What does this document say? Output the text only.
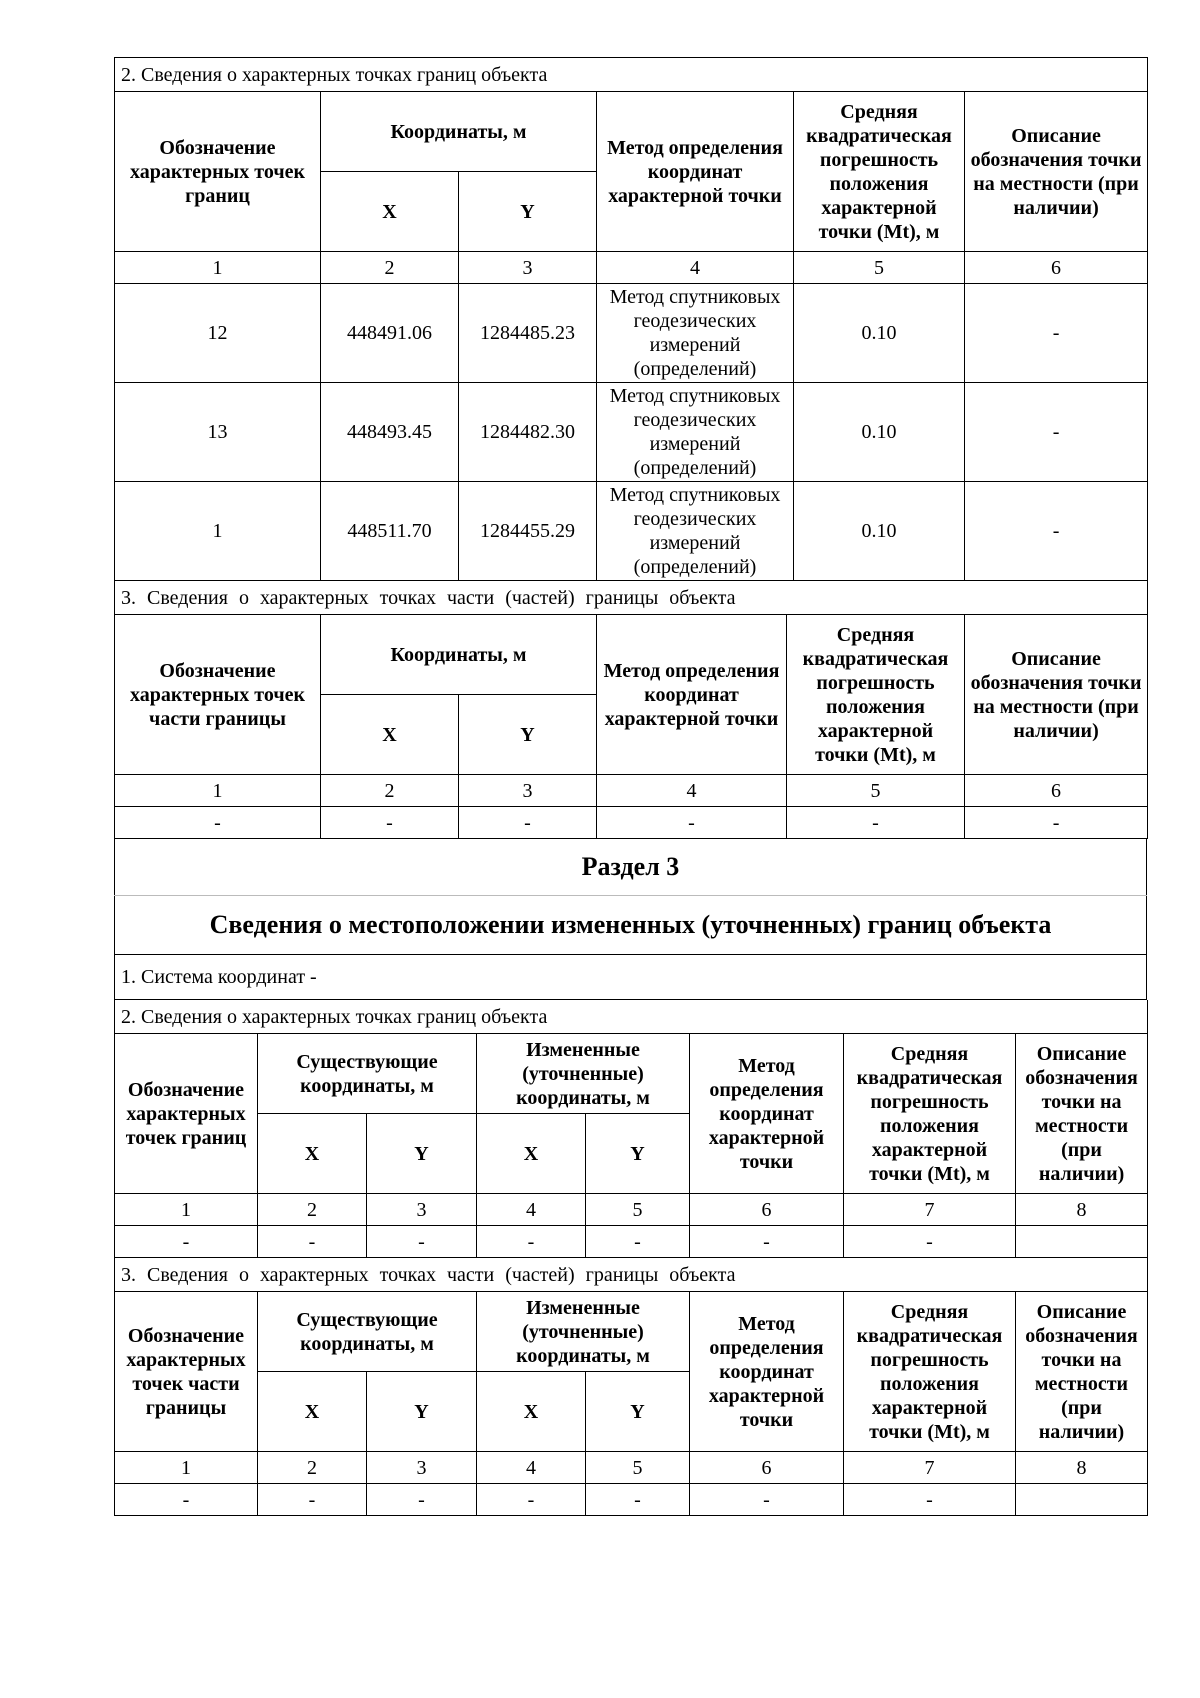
2. Сведения о характерных точках границ объекта					
Обозначение характерных точек границ	Координаты, м		Метод определения координат характерной точки	Средняя квадратическая погрешность положения характерной точки (Mt), м	Описание обозначения точки на местности (при наличии)
	X	Y			
1	2	3	4	5	6
12	448491.06	1284485.23	Метод спутниковых геодезических измерений (определений)	0.10	-
13	448493.45	1284482.30	Метод спутниковых геодезических измерений (определений)	0.10	-
1	448511.70	1284455.29	Метод спутниковых геодезических измерений (определений)	0.10	-
3. Сведения о характерных точках части (частей) границы объекта					
Обозначение характерных точек части границы	Координаты, м		Метод определения координат характерной точки	Средняя квадратическая погрешность положения характерной точки (Mt), м	Описание обозначения точки на местности (при наличии)
	X	Y			
1	2	3	4	5	6
-	-	-	-	-	-
Раздел 3
Сведения о местоположении измененных (уточненных) границ объекта
1. Система координат -
2. Сведения о характерных точках границ объекта							
Обозначение характерных точек границ	Существующие координаты, м		Измененные (уточненные) координаты, м		Метод определения координат характерной точки	Средняя квадратическая погрешность положения характерной точки (Mt), м	Описание обозначения точки на местности (при наличии)
	X	Y	X	Y			
1	2	3	4	5	6	7	8
-	-	-	-	-	-	-	
3. Сведения о характерных точках части (частей) границы объекта							
Обозначение характерных точек части границы	Существующие координаты, м		Измененные (уточненные) координаты, м		Метод определения координат характерной точки	Средняя квадратическая погрешность положения характерной точки (Mt), м	Описание обозначения точки на местности (при наличии)
	X	Y	X	Y			
1	2	3	4	5	6	7	8
-	-	-	-	-	-	-	
